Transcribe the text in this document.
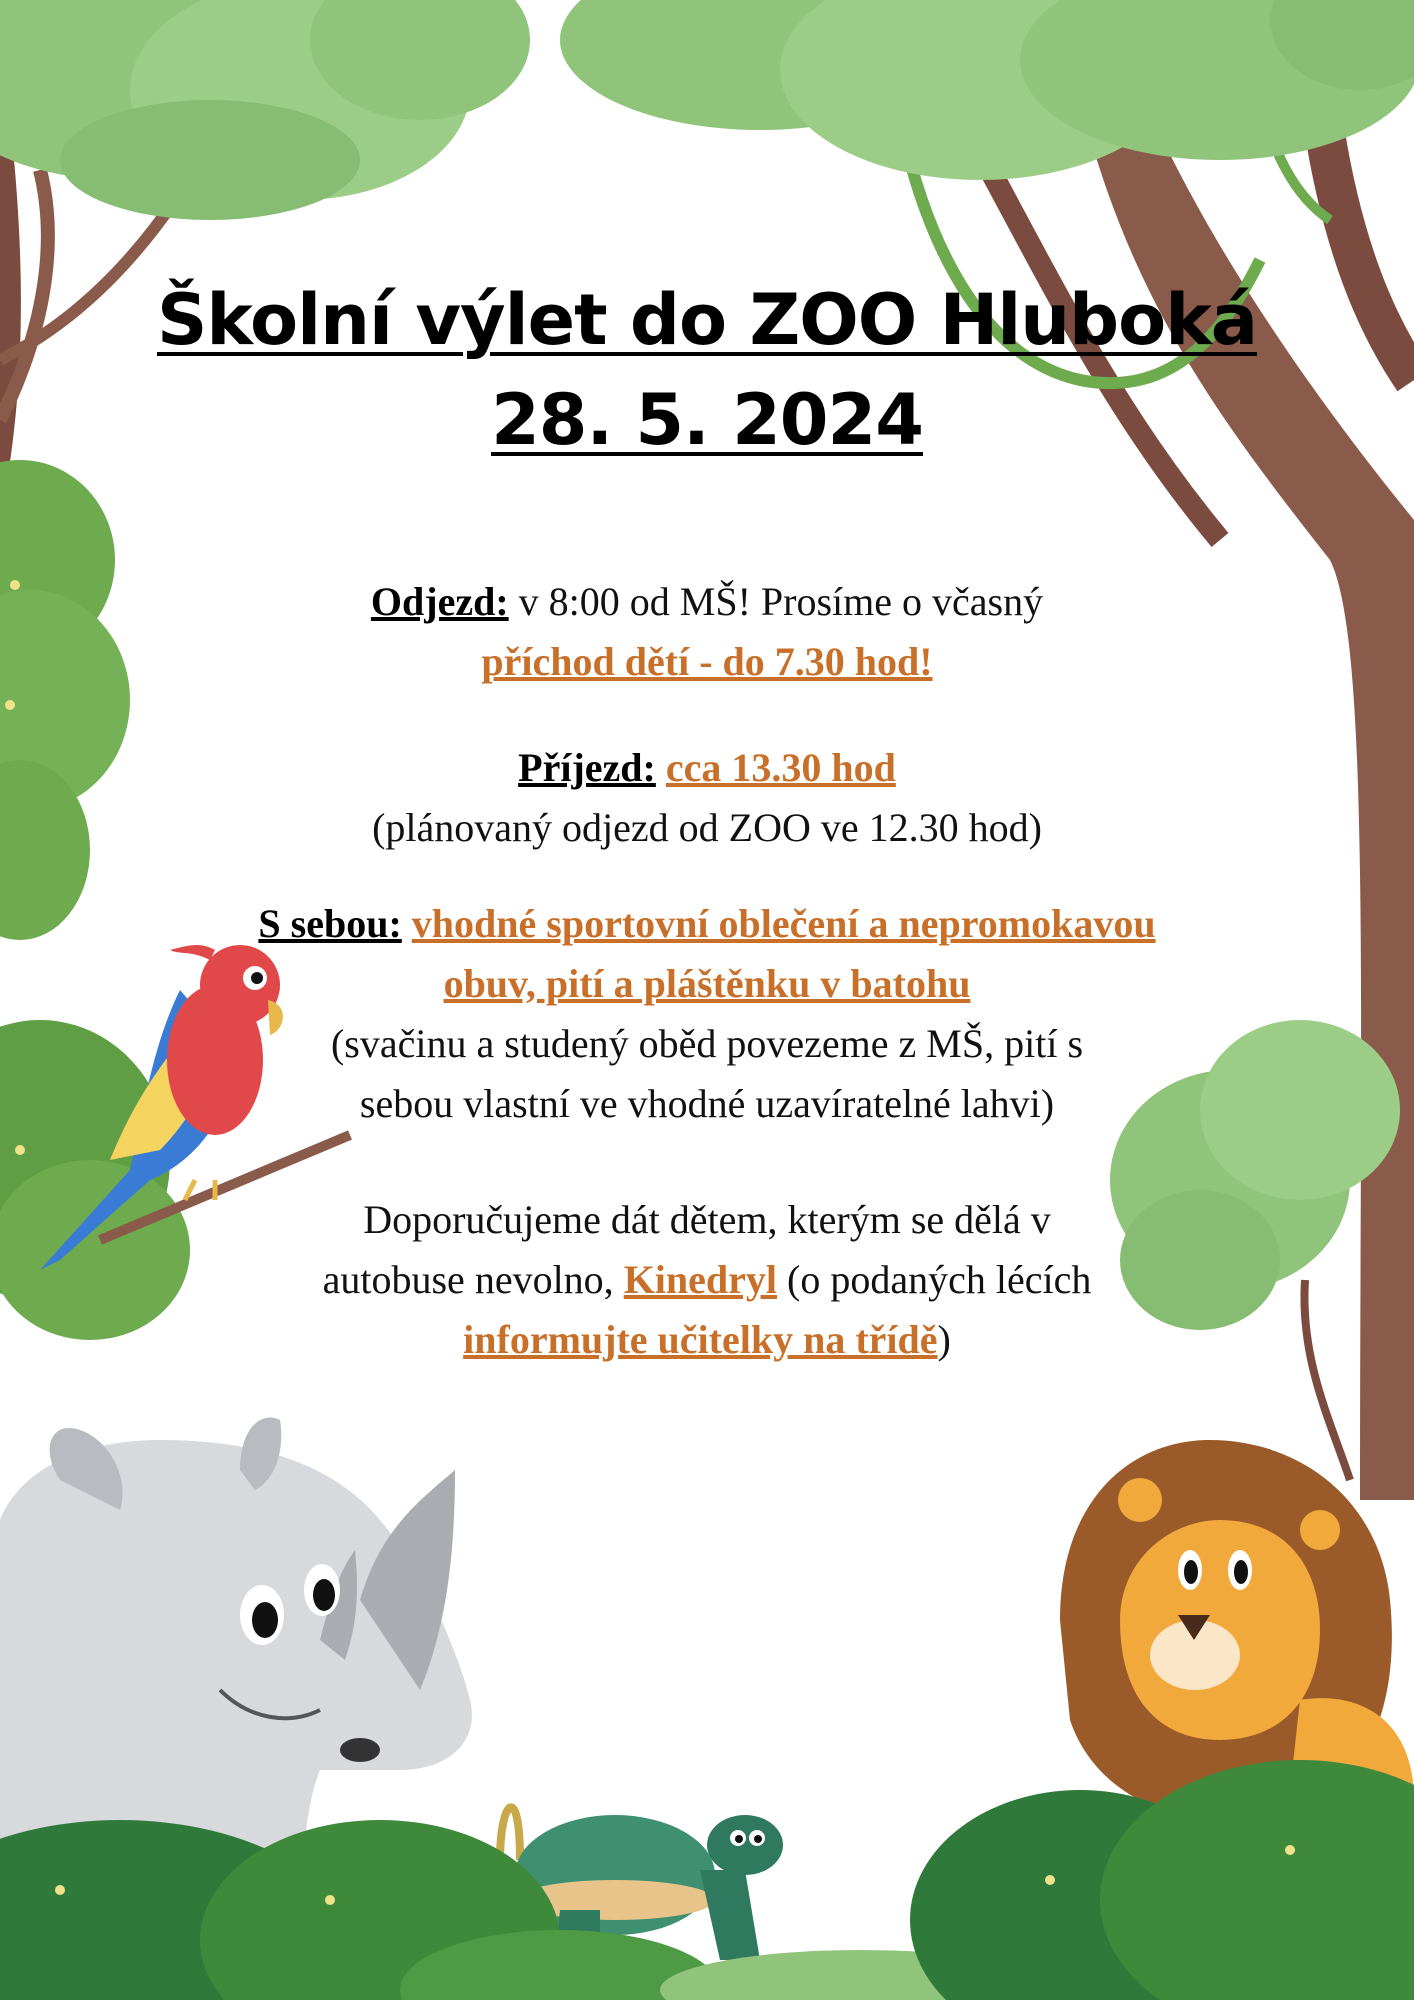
Školní výlet do ZOO Hluboká
28. 5. 2024
Odjezd: v 8:00 od MŠ! Prosíme o včasný
příchod dětí - do 7.30 hod!
Příjezd: cca 13.30 hod
(plánovaný odjezd od ZOO ve 12.30 hod)
S sebou: vhodné sportovní oblečení a nepromokavou
obuv, pití a pláštěnku v batohu
(svačinu a studený oběd povezeme z MŠ, pití s
sebou vlastní ve vhodné uzavíratelné lahvi)
Doporučujeme dát dětem, kterým se dělá v
autobuse nevolno, Kinedryl (o podaných lécích
informujte učitelky na třídě)
